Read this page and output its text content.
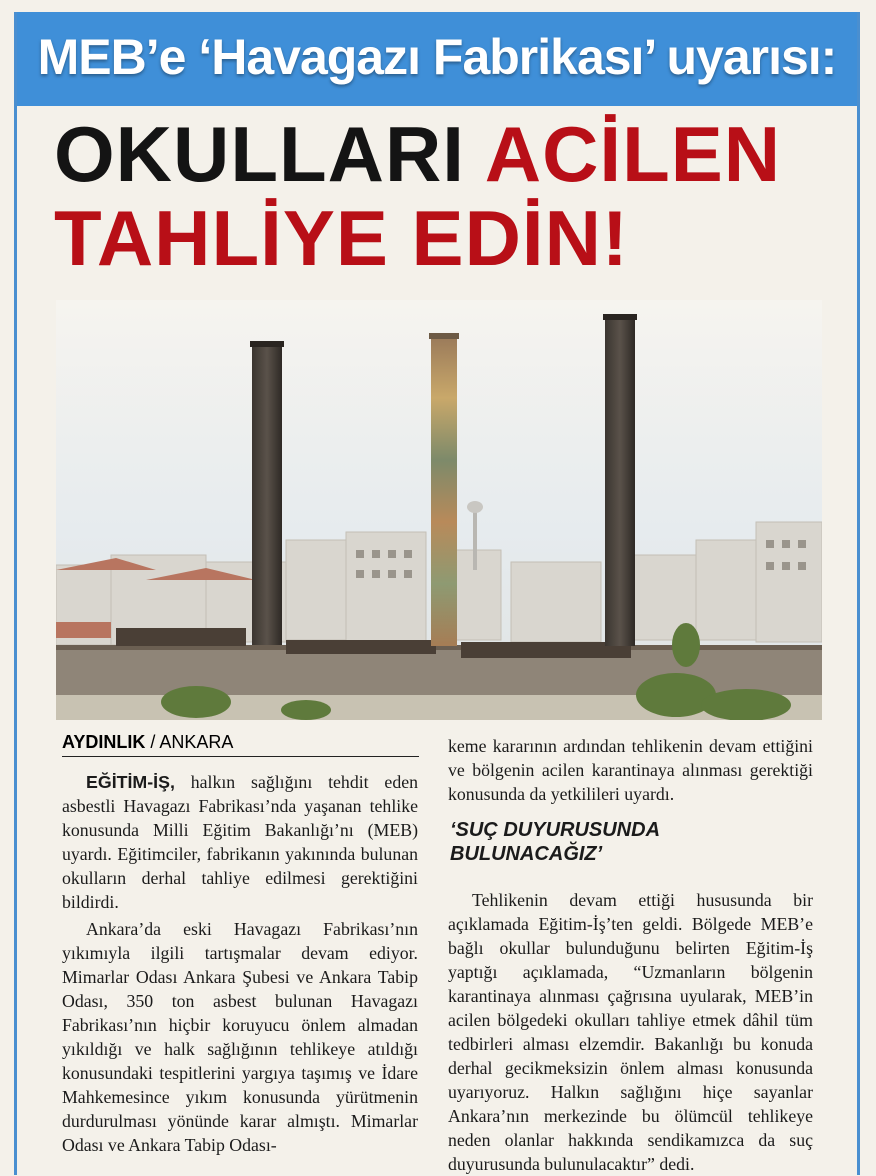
MEB’e ‘Havagazı Fabrikası’ uyarısı:
OKULLARI ACİLEN
TAHLİYE EDİN!
AYDINLIK / ANKARA

EĞİTİM-İŞ, halkın sağlığını tehdit eden asbestli Havagazı Fabrikası’nda yaşanan tehlike konusunda Milli Eğitim Bakanlığı’nı (MEB) uyardı. Eğitimciler, fabrikanın yakınında bulunan okulların derhal tahliye edilmesi gerektiğini bildirdi.

Ankara’da eski Havagazı Fabrikası’nın yıkımıyla ilgili tartışmalar devam ediyor. Mimarlar Odası Ankara Şubesi ve Ankara Tabip Odası, 350 ton asbest bulunan Havagazı Fabrikası’nın hiçbir koruyucu önlem almadan yıkıldığı ve halk sağlığının tehlikeye atıldığı konusundaki tespitlerini yargıya taşımış ve İdare Mahkemesince yıkım konusunda yürütmenin durdurulması yönünde karar almıştı. Mimarlar Odası ve Ankara Tabip Odası-

keme kararının ardından tehlikenin devam ettiğini ve bölgenin acilen karantinaya alınması gerektiği konusunda da yetkilileri uyardı.

‘SUÇ DUYURUSUNDA BULUNACAĞIZ’

Tehlikenin devam ettiği hususunda bir açıklamada Eğitim-İş’ten geldi. Bölgede MEB’e bağlı okullar bulunduğunu belirten Eğitim-İş yaptığı açıklamada, “Uzmanların bölgenin karantinaya alınması çağrısına uyularak, MEB’in acilen bölgedeki okulları tahliye etmek dâhil tüm tedbirleri alması elzemdir. Bakanlığı bu konuda derhal gecikmeksizin önlem alması konusunda uyarıyoruz. Halkın sağlığını hiçe sayanlar Ankara’nın merkezinde bu ölümcül tehlikeye neden olanlar hakkında sendikamızca da suç duyurusunda bulunulacaktır” dedi.
